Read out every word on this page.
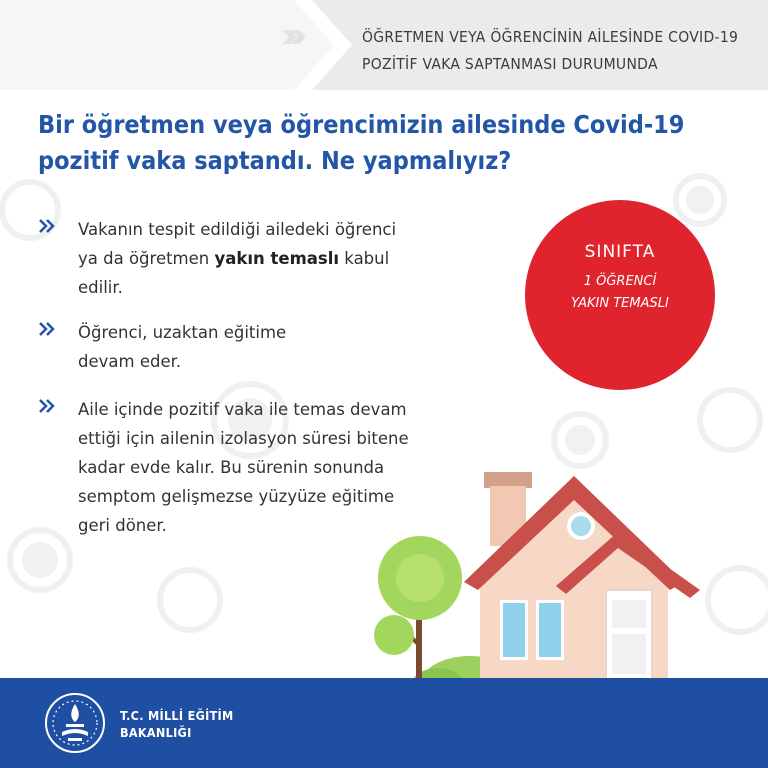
ÖĞRETMEN VEYA ÖĞRENCİNİN AİLESİNDE COVID-19
POZİTİF VAKA SAPTANMASI DURUMUNDA
Bir öğretmen veya öğrencimizin ailesinde Covid-19
pozitif vaka saptandı. Ne yapmalıyız?
Vakanın tespit edildiği ailedeki öğrenci
ya da öğretmen yakın temaslı kabul
edilir.
Öğrenci, uzaktan eğitime
devam eder.
Aile içinde pozitif vaka ile temas devam
ettiği için ailenin izolasyon süresi bitene
kadar evde kalır. Bu sürenin sonunda
semptom gelişmezse yüzyüze eğitime
geri döner.
SINIFTA
1 ÖĞRENCİ
YAKIN TEMASLI
T.C. MİLLİ EĞİTİM
BAKANLIĞI
